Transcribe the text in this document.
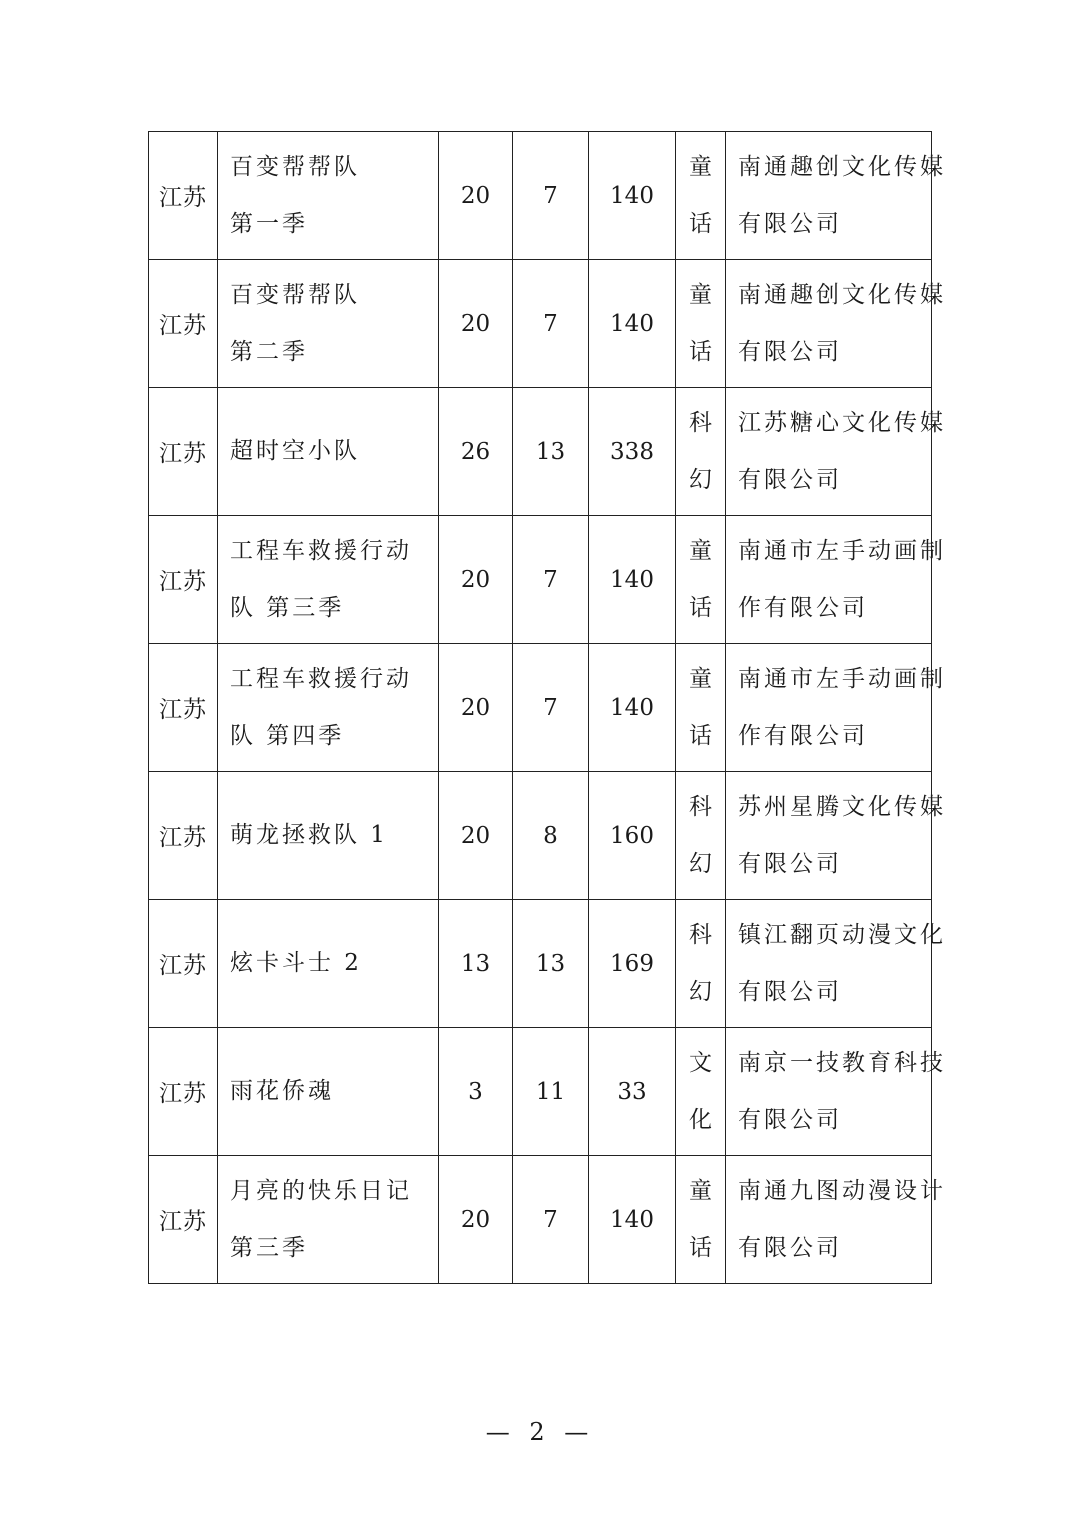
江苏	百变帮帮队
第一季	20	7	140	童
话	南通趣创文化传媒
有限公司

江苏	百变帮帮队
第二季	20	7	140	童
话	南通趣创文化传媒
有限公司

江苏	超时空小队	26	13	338	科
幻	江苏糖心文化传媒
有限公司

江苏	工程车救援行动
队 第三季	20	7	140	童
话	南通市左手动画制
作有限公司

江苏	工程车救援行动
队 第四季	20	7	140	童
话	南通市左手动画制
作有限公司

江苏	萌龙拯救队 1	20	8	160	科
幻	苏州星腾文化传媒
有限公司

江苏	炫卡斗士 2	13	13	169	科
幻	镇江翻页动漫文化
有限公司

江苏	雨花侨魂	3	11	33	文
化	南京一技教育科技
有限公司

江苏	月亮的快乐日记
第三季	20	7	140	童
话	南通九图动漫设计
有限公司
— 2 —
